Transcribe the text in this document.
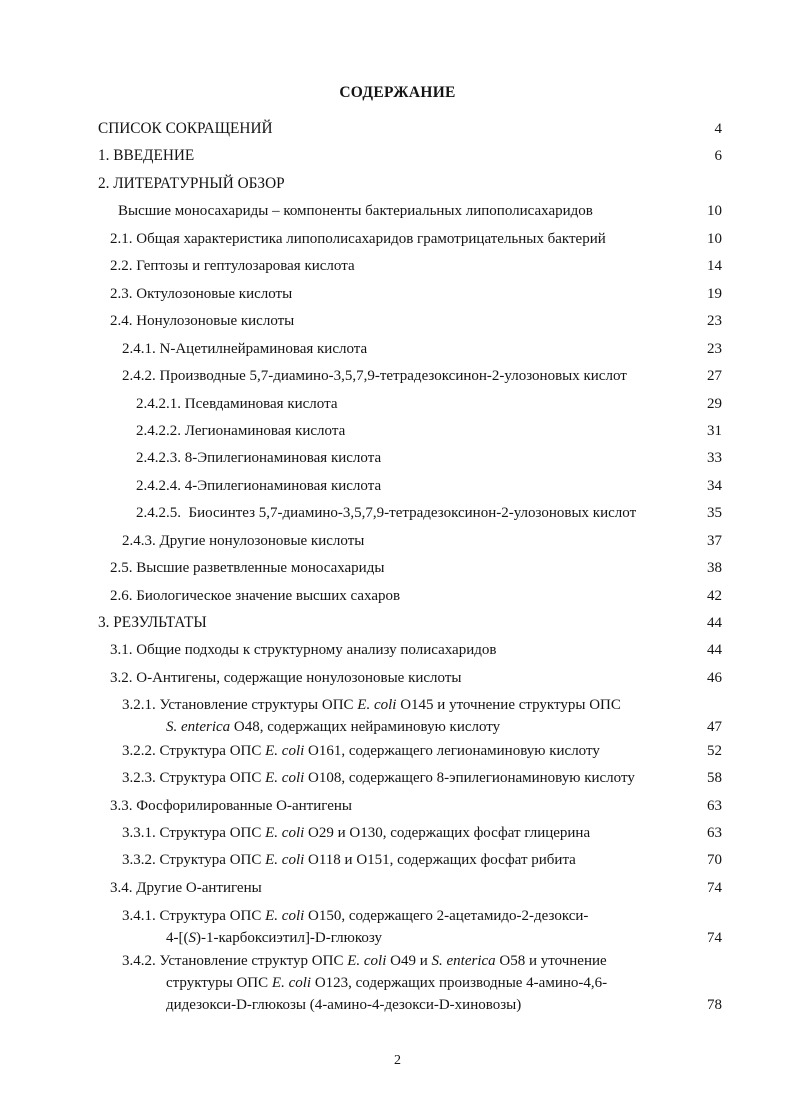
СОДЕРЖАНИЕ
СПИСОК СОКРАЩЕНИЙ	4
1. ВВЕДЕНИЕ	6
2. ЛИТЕРАТУРНЫЙ ОБЗОР
Высшие моносахариды – компоненты бактериальных липополисахаридов	10
2.1. Общая характеристика липополисахаридов грамотрицательных бактерий	10
2.2. Гептозы и гептулозаровая кислота	14
2.3. Октулозоновые кислоты	19
2.4. Нонулозоновые кислоты	23
2.4.1. N-Ацетилнейраминовая кислота	23
2.4.2. Производные 5,7-диамино-3,5,7,9-тетрадезоксинон-2-улозоновых кислот	27
2.4.2.1. Псевдаминовая кислота	29
2.4.2.2. Легионаминовая кислота	31
2.4.2.3. 8-Эпилегионаминовая кислота	33
2.4.2.4. 4-Эпилегионаминовая кислота	34
2.4.2.5.  Биосинтез 5,7-диамино-3,5,7,9-тетрадезоксинон-2-улозоновых кислот	35
2.4.3. Другие нонулозоновые кислоты	37
2.5. Высшие разветвленные моносахариды	38
2.6. Биологическое значение высших сахаров	42
3. РЕЗУЛЬТАТЫ	44
3.1. Общие подходы к структурному анализу полисахаридов	44
3.2. О-Антигены, содержащие нонулозоновые кислоты	46
3.2.1. Установление структуры ОПС E. coli O145 и уточнение структуры ОПС
S. enterica O48, содержащих нейраминовую кислоту	47
3.2.2. Структура ОПС E. coli O161, содержащего легионаминовую кислоту	52
3.2.3. Структура ОПС E. coli O108, содержащего 8-эпилегионаминовую кислоту	58
3.3. Фосфорилированные О-антигены	63
3.3.1. Структура ОПС E. coli O29 и O130, содержащих фосфат глицерина	63
3.3.2. Структура ОПС E. coli O118 и O151, содержащих фосфат рибита	70
3.4. Другие О-антигены	74
3.4.1. Структура ОПС E. coli O150, содержащего 2-ацетамидо-2-дезокси-
4-[(S)-1-карбоксиэтил]-D-глюкозу	74
3.4.2. Установление структур ОПС E. coli O49 и S. enterica O58 и уточнение
структуры ОПС E. coli O123, содержащих производные 4-амино-4,6-
дидезокси-D-глюкозы (4-амино-4-дезокси-D-хиновозы)	78
2
